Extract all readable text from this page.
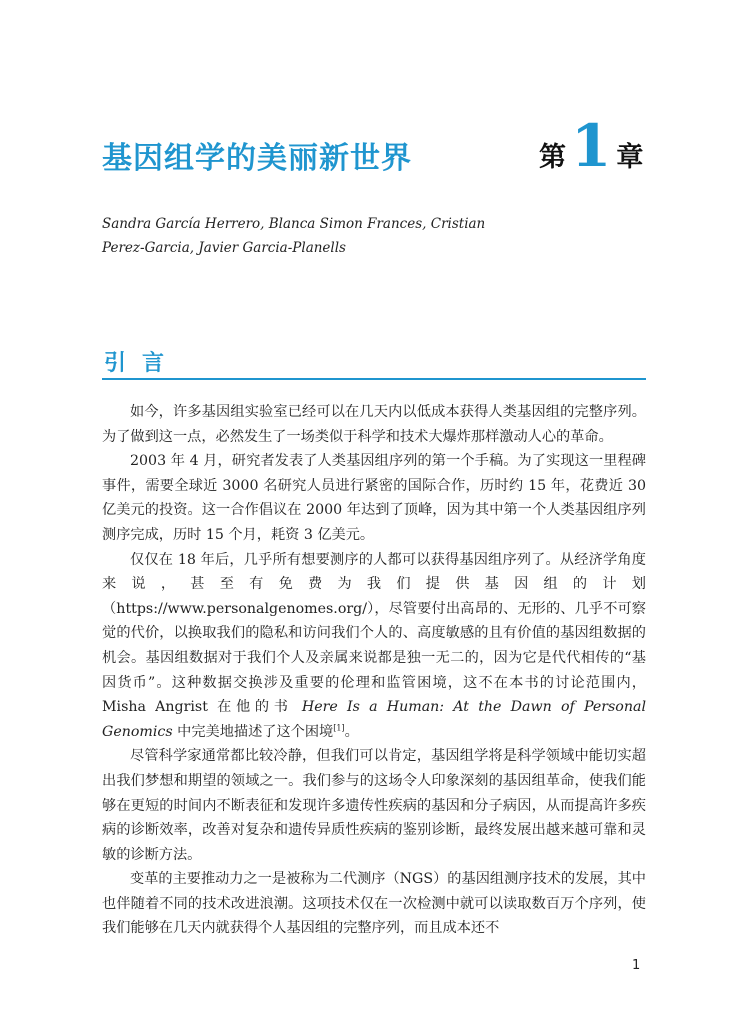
基因组学的美丽新世界	第1 章
Sandra García Herrero, Blanca Simon Frances, Cristian
Perez-Garcia, Javier Garcia-Planells
引言

如今，许多基因组实验室已经可以在几天内以低成本获得人类基因组的完整序列。为了做到这一点，必然发生了一场类似于科学和技术大爆炸那样激动人心的革命。

2003 年 4 月，研究者发表了人类基因组序列的第一个手稿。为了实现这一里程碑事件，需要全球近 3000 名研究人员进行紧密的国际合作，历时约 15 年，花费近 30 亿美元的投资。这一合作倡议在 2000 年达到了顶峰，因为其中第一个人类基因组序列测序完成，历时 15 个月，耗资 3 亿美元。

仅仅在 18 年后，几乎所有想要测序的人都可以获得基因组序列了。从经济学角度来说，甚至有免费为我们提供基因组的计划（https://www.personalgenomes.org/），尽管要付出高昂的、无形的、几乎不可察觉的代价，以换取我们的隐私和访问我们个人的、高度敏感的且有价值的基因组数据的机会。基因组数据对于我们个人及亲属来说都是独一无二的，因为它是代代相传的“基因货币”。这种数据交换涉及重要的伦理和监管困境，这不在本书的讨论范围内，Misha Angrist 在他的书 Here Is a Human: At the Dawn of Personal Genomics 中完美地描述了这个困境[1]。

尽管科学家通常都比较冷静，但我们可以肯定，基因组学将是科学领域中能切实超出我们梦想和期望的领域之一。我们参与的这场令人印象深刻的基因组革命，使我们能够在更短的时间内不断表征和发现许多遗传性疾病的基因和分子病因，从而提高许多疾病的诊断效率，改善对复杂和遗传异质性疾病的鉴别诊断，最终发展出越来越可靠和灵敏的诊断方法。

变革的主要推动力之一是被称为二代测序（NGS）的基因组测序技术的发展，其中也伴随着不同的技术改进浪潮。这项技术仅在一次检测中就可以读取数百万个序列，使我们能够在几天内就获得个人基因组的完整序列，而且成本还不

1
